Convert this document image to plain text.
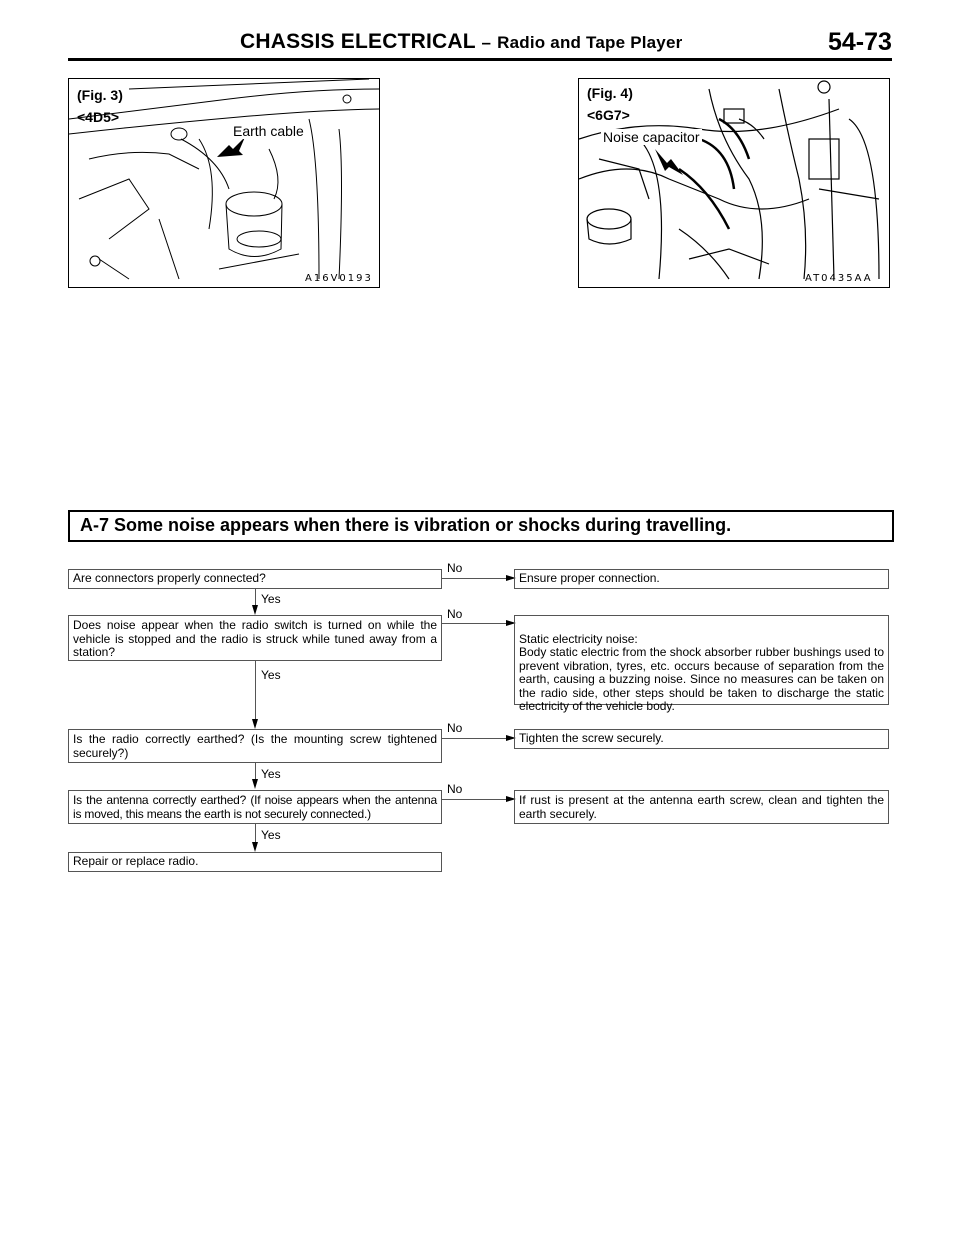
CHASSIS ELECTRICAL – Radio and Tape Player	54-73
(Fig. 3)
<4D5>
Earth cable
A16V0193
(Fig. 4)
<6G7>
Noise capacitor
AT0435AA
A-7 Some noise appears when there is vibration or shocks during travelling.
Are connectors properly connected?
No
Ensure proper connection.
Yes
Does noise appear when the radio switch is turned on while the vehicle is stopped and the radio is struck while tuned away from a station?
No

Static electricity noise:
Body static electric from the shock absorber rubber bushings used to prevent vibration, tyres, etc. occurs because of separation from the earth, causing a buzzing noise. Since no measures can be taken on the radio side, other steps should be taken to discharge the static electricity of the vehicle body.

Yes
Is the radio correctly earthed? (Is the mounting screw tightened securely?)
No
Tighten the screw securely.
Yes
Is the antenna correctly earthed? (If noise appears when the antenna is moved, this means the earth is not securely connected.)
No
If rust is present at the antenna earth screw, clean and tighten the earth securely.
Yes
Repair or replace radio.
